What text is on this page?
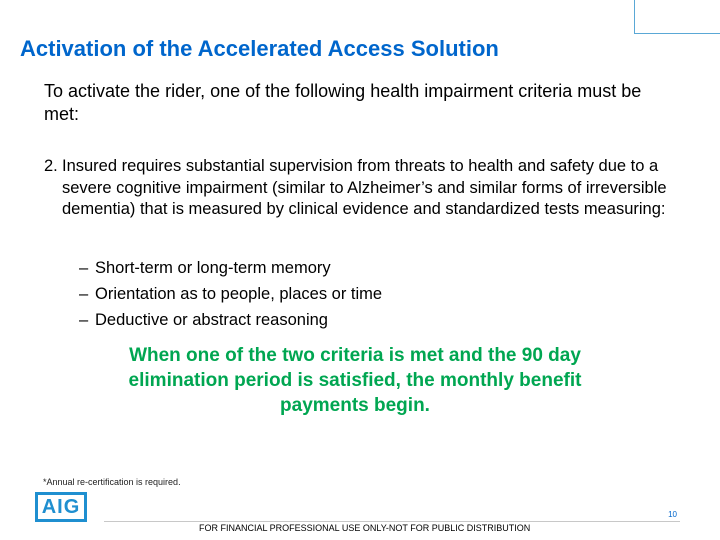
Activation of the Accelerated Access Solution
To activate the rider, one of the following health impairment criteria must be met:
2. Insured requires substantial supervision from threats to health and safety due to a severe cognitive impairment (similar to Alzheimer’s and similar forms of irreversible dementia) that is measured by clinical evidence and standardized tests measuring:
– Short-term or long-term memory
– Orientation as to people, places or time
– Deductive or abstract reasoning
When one of the two criteria is met and the 90 day elimination period is satisfied, the monthly benefit payments begin.
*Annual re-certification is required.
AIG	10
FOR FINANCIAL PROFESSIONAL USE ONLY-NOT FOR PUBLIC DISTRIBUTION
